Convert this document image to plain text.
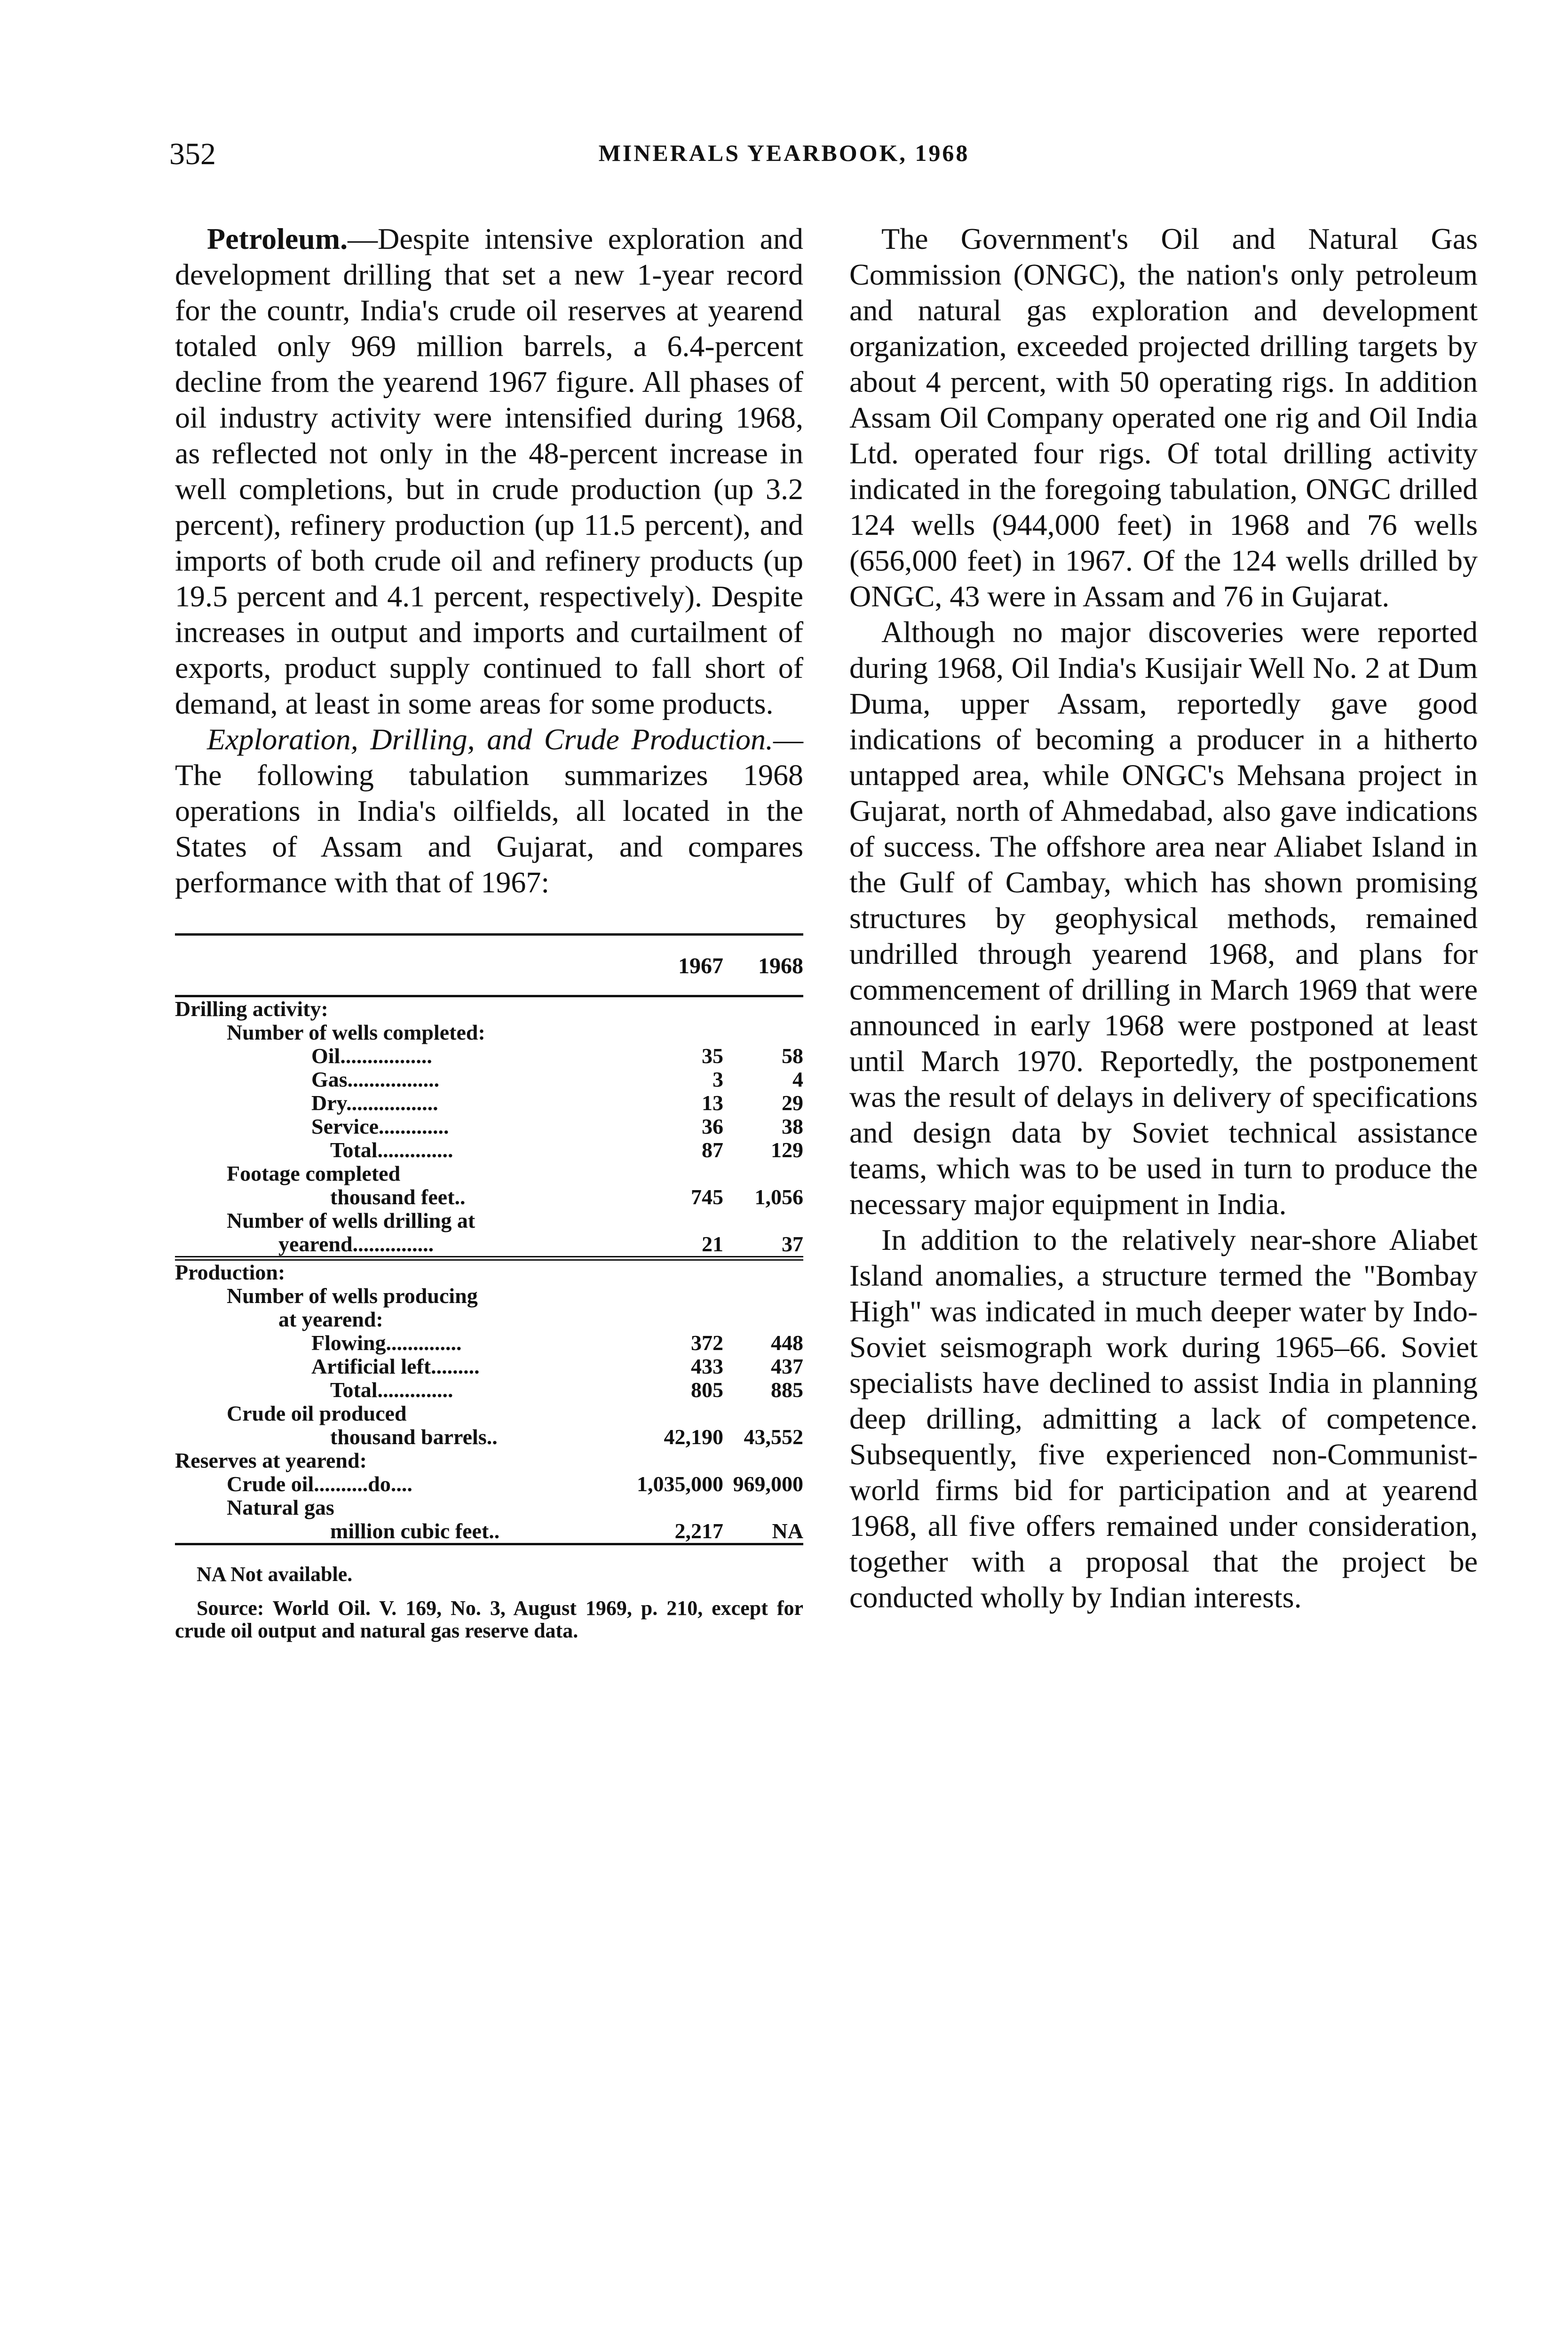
352	MINERALS YEARBOOK, 1968

Petroleum.—Despite intensive exploration and development drilling that set a new 1-year record for the countr, India's crude oil reserves at yearend totaled only 969 million barrels, a 6.4-percent decline from the yearend 1967 figure. All phases of oil industry activity were intensified during 1968, as reflected not only in the 48-percent increase in well completions, but in crude production (up 3.2 percent), refinery production (up 11.5 percent), and imports of both crude oil and refinery products (up 19.5 percent and 4.1 percent, respectively). Despite increases in output and imports and curtailment of exports, product supply continued to fall short of demand, at least in some areas for some products.

Exploration, Drilling, and Crude Production.—The following tabulation summarizes 1968 operations in India's oilfields, all located in the States of Assam and Gujarat, and compares performance with that of 1967:

	1967	1968
Drilling activity:		
Number of wells completed:		
Oil.................	35	58
Gas.................	3	4
Dry.................	13	29
Service.............	36	38
Total..............	87	129
Footage completed		
thousand feet..	745	1,056
Number of wells drilling at		
yearend...............	21	37
Production:		
Number of wells producing		
at yearend:		
Flowing..............	372	448
Artificial left.........	433	437
Total..............	805	885
Crude oil produced		
thousand barrels..	42,190	43,552
Reserves at yearend:		
Crude oil..........do....	1,035,000	969,000
Natural gas		
million cubic feet..	2,217	NA

NA Not available.

Source: World Oil. V. 169, No. 3, August 1969, p. 210, except for crude oil output and natural gas reserve data.

The Government's Oil and Natural Gas Commission (ONGC), the nation's only petroleum and natural gas exploration and development organization, exceeded projected drilling targets by about 4 percent, with 50 operating rigs. In addition Assam Oil Company operated one rig and Oil India Ltd. operated four rigs. Of total drilling activity indicated in the foregoing tabulation, ONGC drilled 124 wells (944,000 feet) in 1968 and 76 wells (656,000 feet) in 1967. Of the 124 wells drilled by ONGC, 43 were in Assam and 76 in Gujarat.

Although no major discoveries were reported during 1968, Oil India's Kusijair Well No. 2 at Dum Duma, upper Assam, reportedly gave good indications of becoming a producer in a hitherto untapped area, while ONGC's Mehsana project in Gujarat, north of Ahmedabad, also gave indications of success. The offshore area near Aliabet Island in the Gulf of Cambay, which has shown promising structures by geophysical methods, remained undrilled through yearend 1968, and plans for commencement of drilling in March 1969 that were announced in early 1968 were postponed at least until March 1970. Reportedly, the postponement was the result of delays in delivery of specifications and design data by Soviet technical assistance teams, which was to be used in turn to produce the necessary major equipment in India.

In addition to the relatively near-shore Aliabet Island anomalies, a structure termed the "Bombay High" was indicated in much deeper water by Indo-Soviet seismograph work during 1965–66. Soviet specialists have declined to assist India in planning deep drilling, admitting a lack of competence. Subsequently, five experienced non-Communist-world firms bid for participation and at yearend 1968, all five offers remained under consideration, together with a proposal that the project be conducted wholly by Indian interests.
